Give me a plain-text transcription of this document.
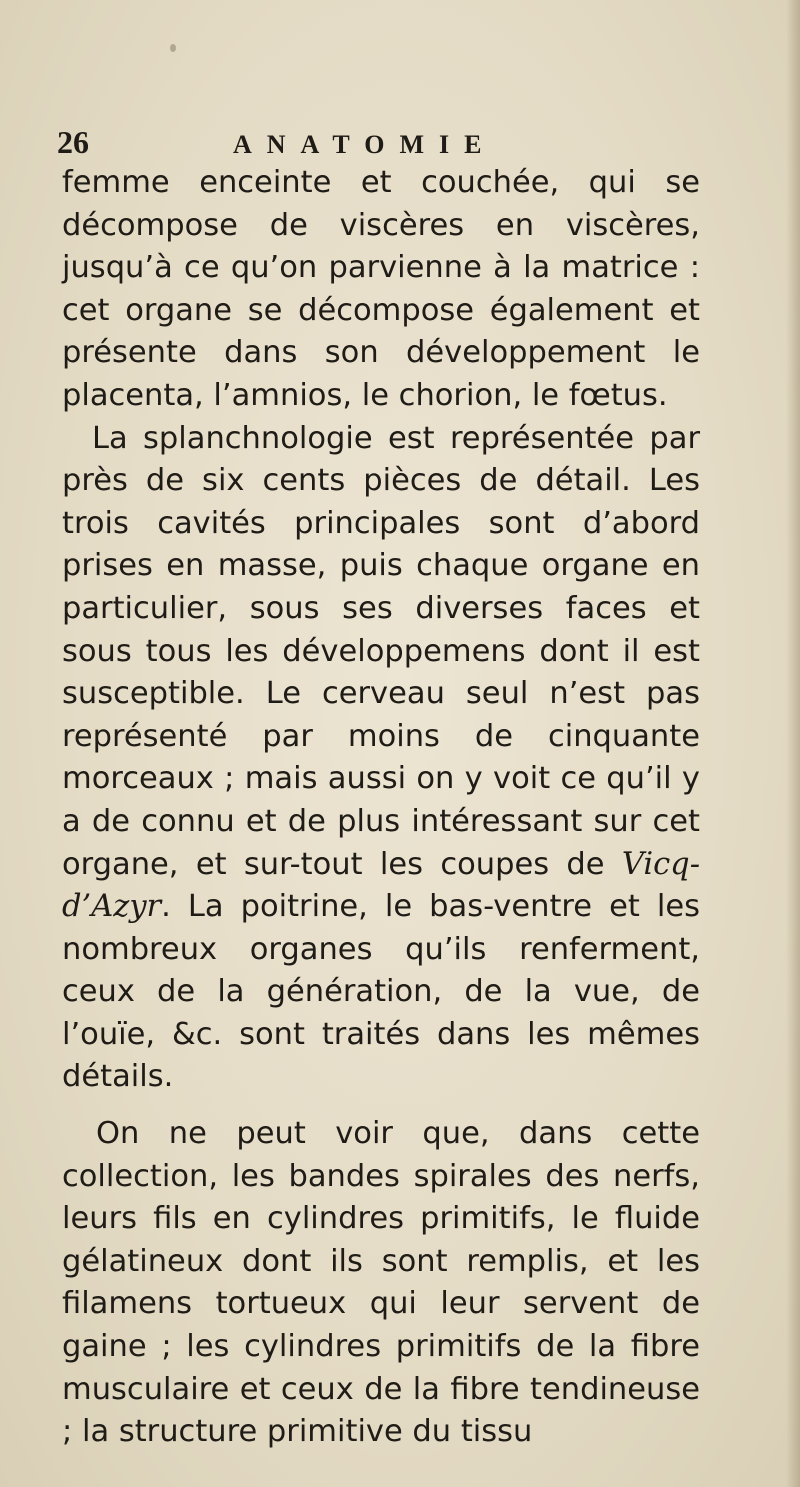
26	ANATOMIE

femme enceinte et couchée, qui se décompose de viscères en viscères, jusqu’à ce qu’on parvienne à la matrice : cet organe se décompose également et présente dans son développement le placenta, l’amnios, le chorion, le fœtus.

La splanchnologie est représentée par près de six cents pièces de détail. Les trois cavités principales sont d’abord prises en masse, puis chaque organe en particulier, sous ses diverses faces et sous tous les développemens dont il est susceptible. Le cerveau seul n’est pas représenté par moins de cinquante morceaux ; mais aussi on y voit ce qu’il y a de connu et de plus intéressant sur cet organe, et sur-tout les coupes de Vicq-d’Azyr. La poitrine, le bas-ventre et les nombreux organes qu’ils renferment, ceux de la génération, de la vue, de l’ouïe, &c. sont traités dans les mêmes détails.

On ne peut voir que, dans cette collection, les bandes spirales des nerfs, leurs fils en cylindres primitifs, le fluide gélatineux dont ils sont remplis, et les filamens tortueux qui leur servent de gaine ; les cylindres primitifs de la fibre musculaire et ceux de la fibre tendineuse ; la structure primitive du tissu
